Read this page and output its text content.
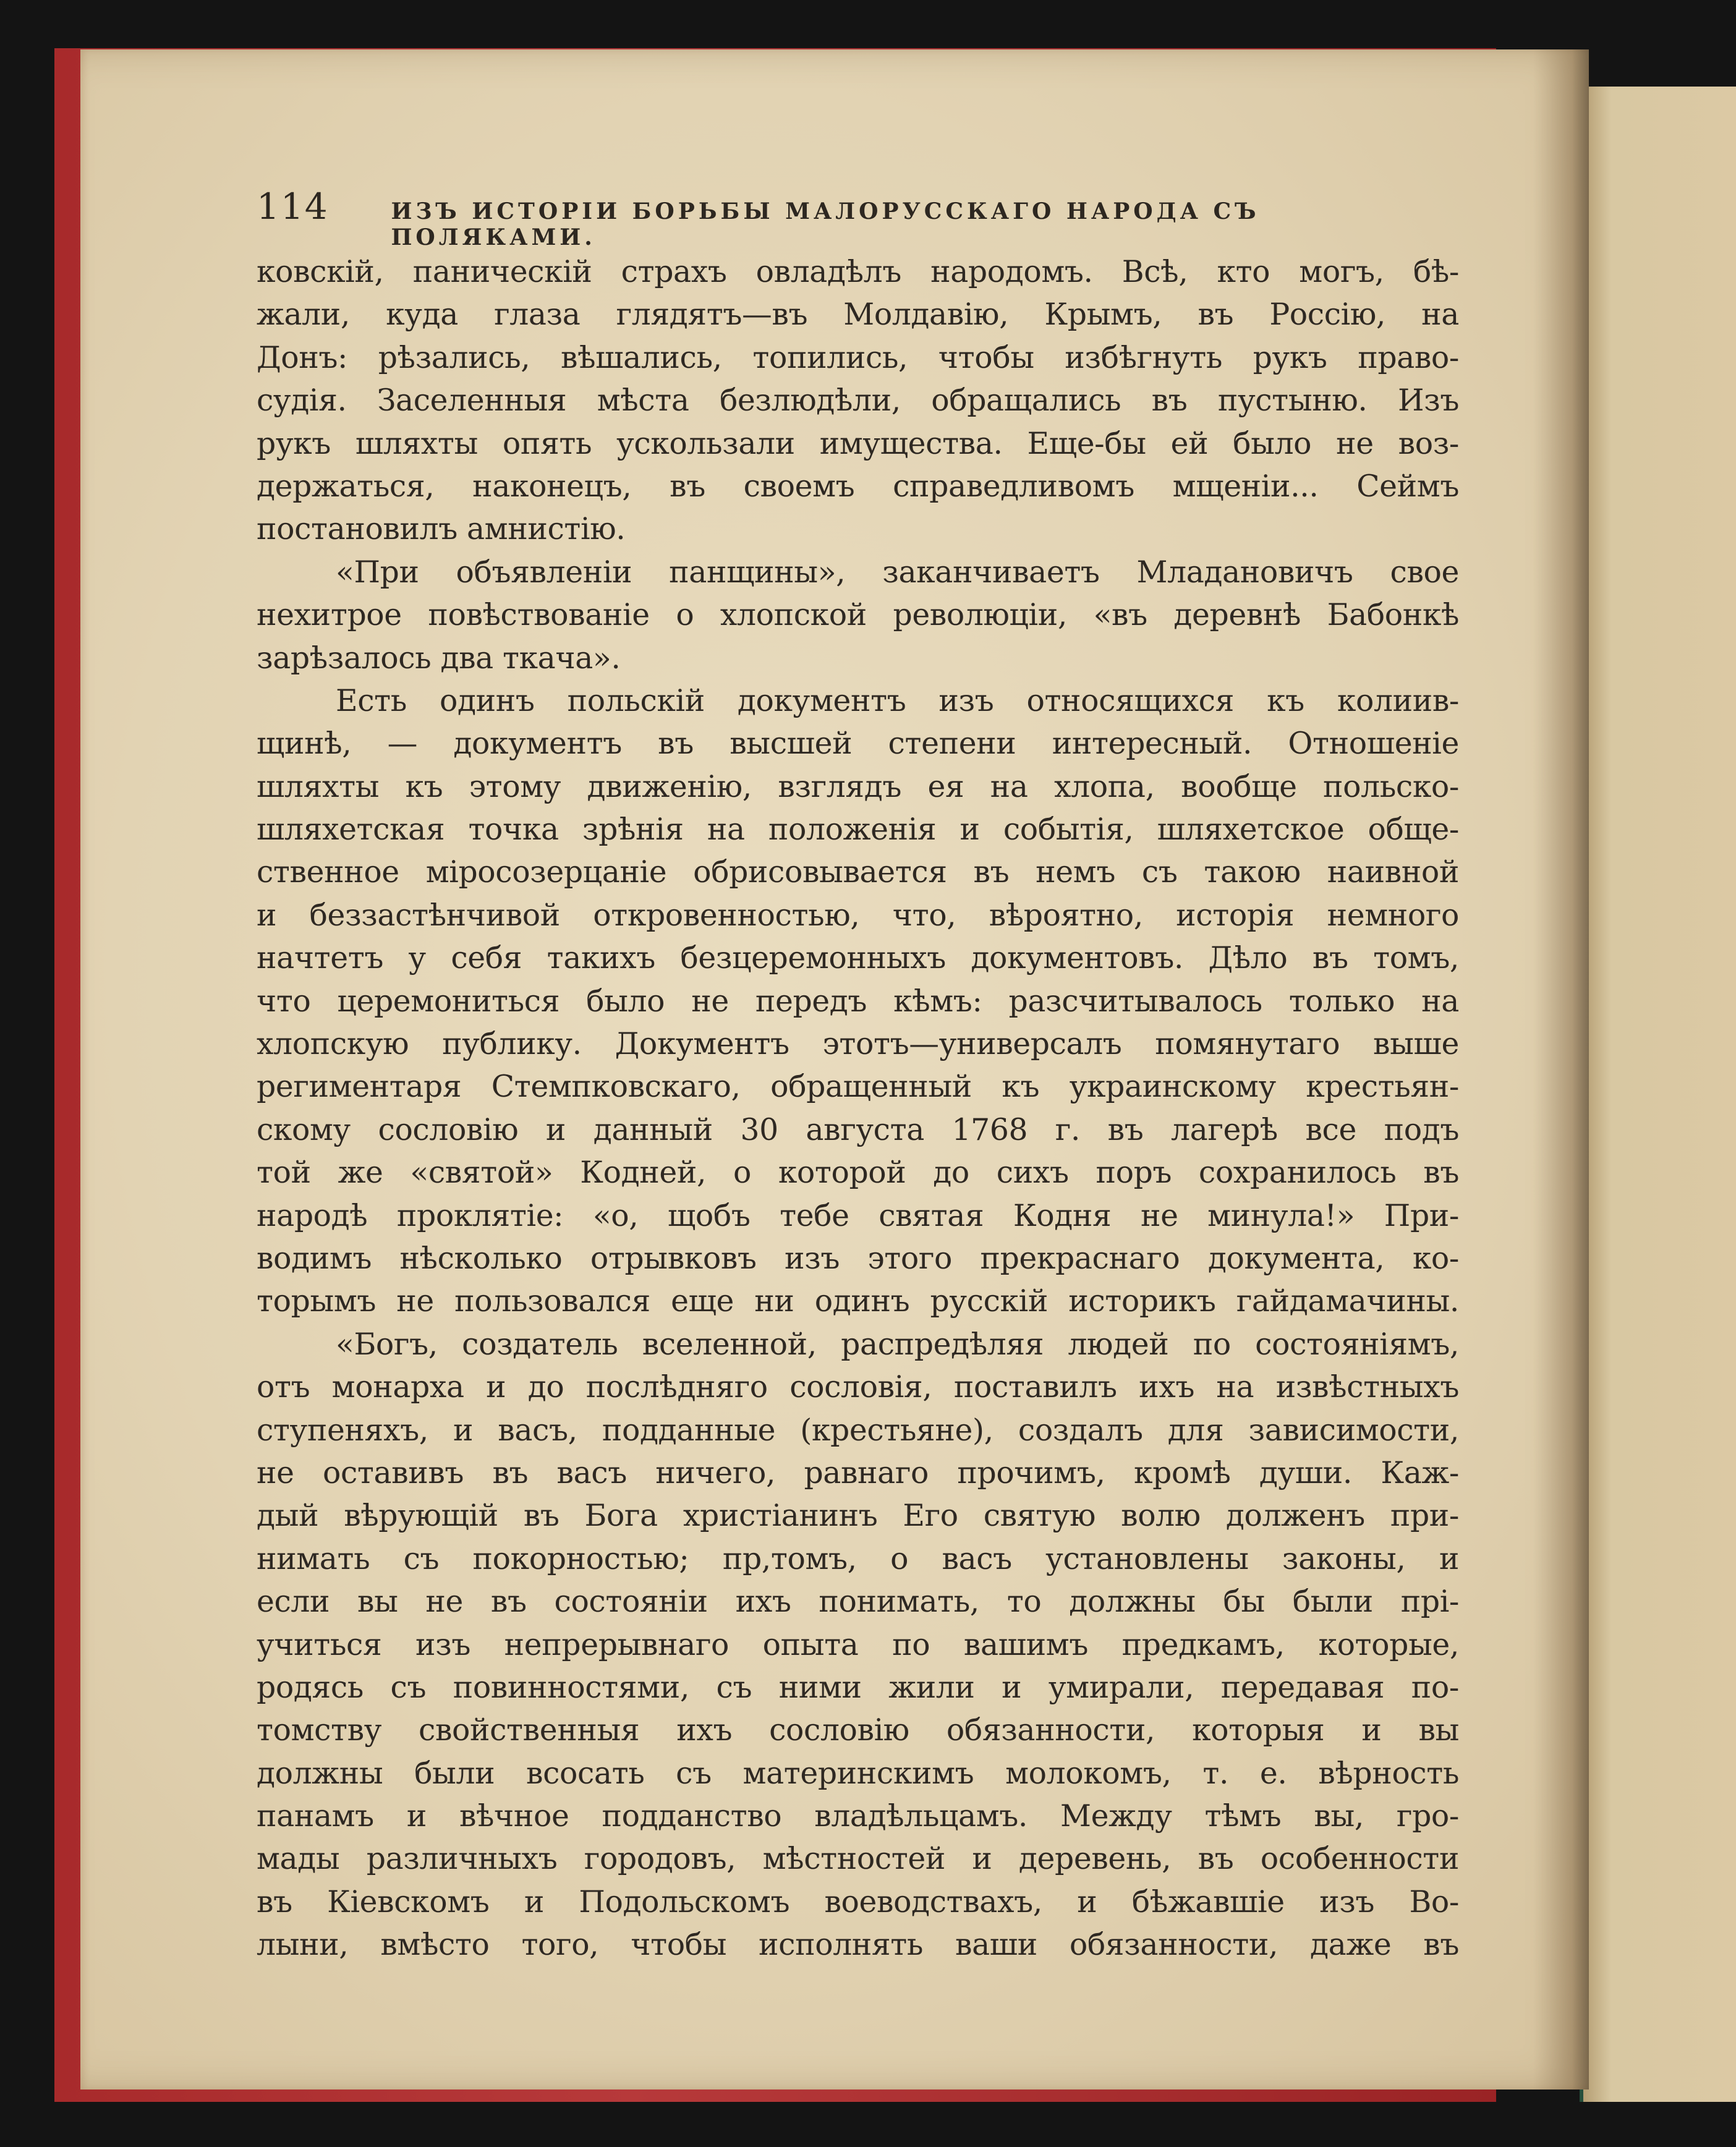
114	ИЗЪ ИСТОРІИ БОРЬБЫ МАЛОРУССКАГО НАРОДА СЪ ПОЛЯКАМИ.
ковскій, паническій страхъ овладѣлъ народомъ. Всѣ, кто могъ, бѣ-
жали, куда глаза глядятъ—въ Молдавію, Крымъ, въ Россію, на
Донъ: рѣзались, вѣшались, топились, чтобы избѣгнуть рукъ право-
судія. Заселенныя мѣста безлюдѣли, обращались въ пустыню. Изъ
рукъ шляхты опять ускользали имущества. Еще-бы ей было не воз-
держаться, наконецъ, въ своемъ справедливомъ мщеніи... Сеймъ
постановилъ амнистію.
«При объявленіи панщины», заканчиваетъ Младановичъ свое
нехитрое повѣствованіе о хлопской революціи, «въ деревнѣ Бабонкѣ
зарѣзалось два ткача».
Есть одинъ польскій документъ изъ относящихся къ колиив-
щинѣ, — документъ въ высшей степени интересный. Отношеніе
шляхты къ этому движенію, взглядъ ея на хлопа, вообще польско-
шляхетская точка зрѣнія на положенія и событія, шляхетское обще-
ственное міросозерцаніе обрисовывается въ немъ съ такою наивной
и беззастѣнчивой откровенностью, что, вѣроятно, исторія немного
начтетъ у себя такихъ безцеремонныхъ документовъ. Дѣло въ томъ,
что церемониться было не передъ кѣмъ: разсчитывалось только на
хлопскую публику. Документъ этотъ—универсалъ помянутаго выше
региментаря Стемпковскаго, обращенный къ украинскому крестьян-
скому сословію и данный 30 августа 1768 г. въ лагерѣ все подъ
той же «святой» Кодней, о которой до сихъ поръ сохранилось въ
народѣ проклятіе: «о, щобъ тебе святая Кодня не минула!» При-
водимъ нѣсколько отрывковъ изъ этого прекраснаго документа, ко-
торымъ не пользовался еще ни одинъ русскій историкъ гайдамачины.
«Богъ, создатель вселенной, распредѣляя людей по состояніямъ,
отъ монарха и до послѣдняго сословія, поставилъ ихъ на извѣстныхъ
ступеняхъ, и васъ, подданные (крестьяне), создалъ для зависимости,
не оставивъ въ васъ ничего, равнаго прочимъ, кромѣ души. Каж-
дый вѣрующій въ Бога христіанинъ Его святую волю долженъ при-
нимать съ покорностью; пр,томъ, о васъ установлены законы, и
если вы не въ состояніи ихъ понимать, то должны бы были прі-
учиться изъ непрерывнаго опыта по вашимъ предкамъ, которые,
родясь съ повинностями, съ ними жили и умирали, передавая по-
томству свойственныя ихъ сословію обязанности, которыя и вы
должны были всосать съ материнскимъ молокомъ, т. е. вѣрность
панамъ и вѣчное подданство владѣльцамъ. Между тѣмъ вы, гро-
мады различныхъ городовъ, мѣстностей и деревень, въ особенности
въ Кіевскомъ и Подольскомъ воеводствахъ, и бѣжавшіе изъ Во-
лыни, вмѣсто того, чтобы исполнять ваши обязанности, даже въ
